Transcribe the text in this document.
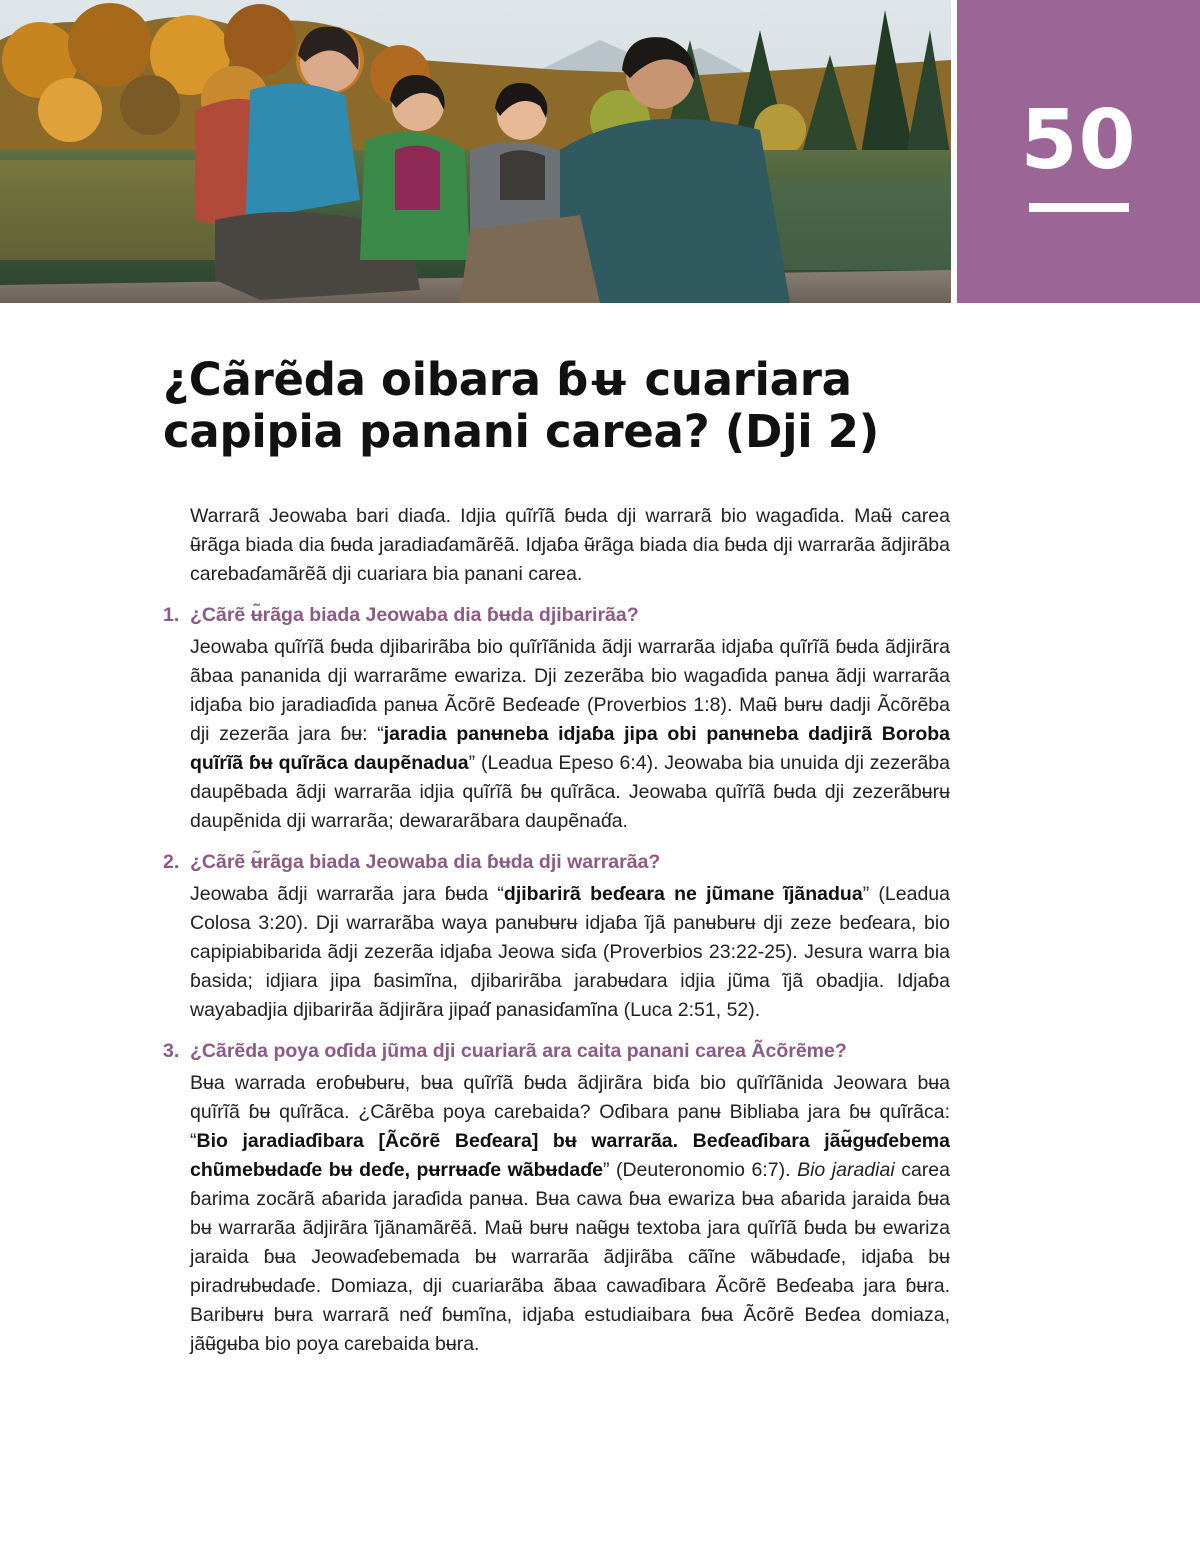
50
¿Cãrẽda oibara ɓʉ cuariara
capipia panani carea? (Dji 2)

Warrarã Jeowaba bari diaɗa. Idjia quĩrĩã ɓʉda dji warrarã bio wagaɗida. Maʉ̃ carea ʉ̃rãga biada dia ɓʉda jaradiaɗamãrẽã. Idjaɓa ʉ̃rãga biada dia ɓʉda dji warrarãa ãdjirãba carebaɗamãrẽã dji cuariara bia panani carea.

1. ¿Cãrẽ ʉ̃rãga biada Jeowaba dia ɓʉda djibarirãa?

Jeowaba quĩrĩã ɓʉda djibarirãba bio quĩrĩãnida ãdji warrarãa idjaɓa quĩrĩã ɓʉda ãdjirãra ãbaa pananida dji warrarãme ewariza. Dji zezerãba bio wagaɗida panʉa ãdji warrarãa idjaɓa bio jaradiaɗida panʉa Ãcõrẽ Beɗeaɗe (Proverbios 1:8). Maʉ̃ bʉrʉ dadji Ãcõrẽba dji zezerãa jara ɓʉ: “jaradia panʉneba idjaɓa jipa obi panʉneba dadjirã Boroba quĩrĩã ɓʉ quĩrãca daupẽnadua” (Leadua Epeso 6:4). Jeowaba bia unuida dji zezerãba daupẽbada ãdji warrarãa idjia quĩrĩã ɓʉ quĩrãca. Jeowaba quĩrĩã ɓʉda dji zezerãbʉrʉ daupẽnida dji warrarãa; dewararãbara daupẽnaɗ́a.

2. ¿Cãrẽ ʉ̃rãga biada Jeowaba dia ɓʉda dji warrarãa?

Jeowaba ãdji warrarãa jara ɓʉda “djibarirã beɗeara ne jũmane ĩjãnadua” (Leadua Colosa 3:20). Dji warrarãba waya panʉbʉrʉ idjaɓa ĩjã panʉbʉrʉ dji zeze beɗeara, bio capipiabibarida ãdji zezerãa idjaɓa Jeowa siɗa (Proverbios 23:22-25). Jesura warra bia ɓasida; idjiara jipa ɓasimĩna, djibarirãba jarabʉdara idjia jũma ĩjã obadjia. Idjaɓa wayabadjia djibarirãa ãdjirãra jipaɗ́ panasiɗamĩna (Luca 2:51, 52).

3. ¿Cãrẽda poya oɗida jũma dji cuariarã ara caita panani carea Ãcõrẽme?

Bʉa warrada eroɓʉbʉrʉ, bʉa quĩrĩã ɓʉda ãdjirãra biɗa bio quĩrĩãnida Jeowara bʉa quĩrĩã ɓʉ quĩrãca. ¿Cãrẽba poya carebaida? Oɗibara panʉ Bibliaba jara ɓʉ quĩrãca: “Bio jaradiaɗibara [Ãcõrẽ Beɗeara] bʉ warrarãa. Beɗeaɗibara jãʉ̃gʉɗebema chũmebʉdaɗe bʉ deɗe, pʉrrʉaɗe wãbʉdaɗe” (Deuteronomio 6:7). Bio jaradiai carea ɓarima zocãrã aɓarida jaraɗida panʉa. Bʉa cawa ɓʉa ewariza bʉa aɓarida jaraida ɓʉa bʉ warrarãa ãdjirãra ĩjãnamãrẽã. Maʉ̃ bʉrʉ naʉ̃gʉ textoba jara quĩrĩã ɓʉda bʉ ewariza jaraida ɓʉa Jeowaɗebemada bʉ warrarãa ãdjirãba cãĩne wãbʉdaɗe, idjaɓa bʉ piradrʉbʉdaɗe. Domiaza, dji cuariarãba ãbaa cawaɗibara Ãcõrẽ Beɗeaba jara ɓʉra. Baribʉrʉ bʉra warrarã neɗ́ ɓʉmĩna, idjaɓa estudiaibara ɓʉa Ãcõrẽ Beɗea domiaza, jãʉ̃gʉba bio poya carebaida bʉra.
